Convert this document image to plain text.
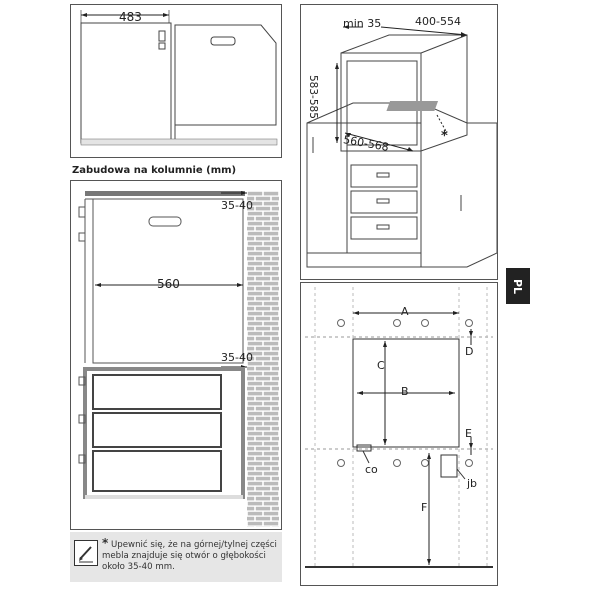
483
Zabudowa na kolumnie (mm)
35-40
560
35-40
* Upewnić się, że na górnej/tylnej części mebla znajduje się otwór o głębokości około 35-40 mm.
min 35	400-554
583-585
560-568	*
A
B
C
D
E
F
co
jb
PL
